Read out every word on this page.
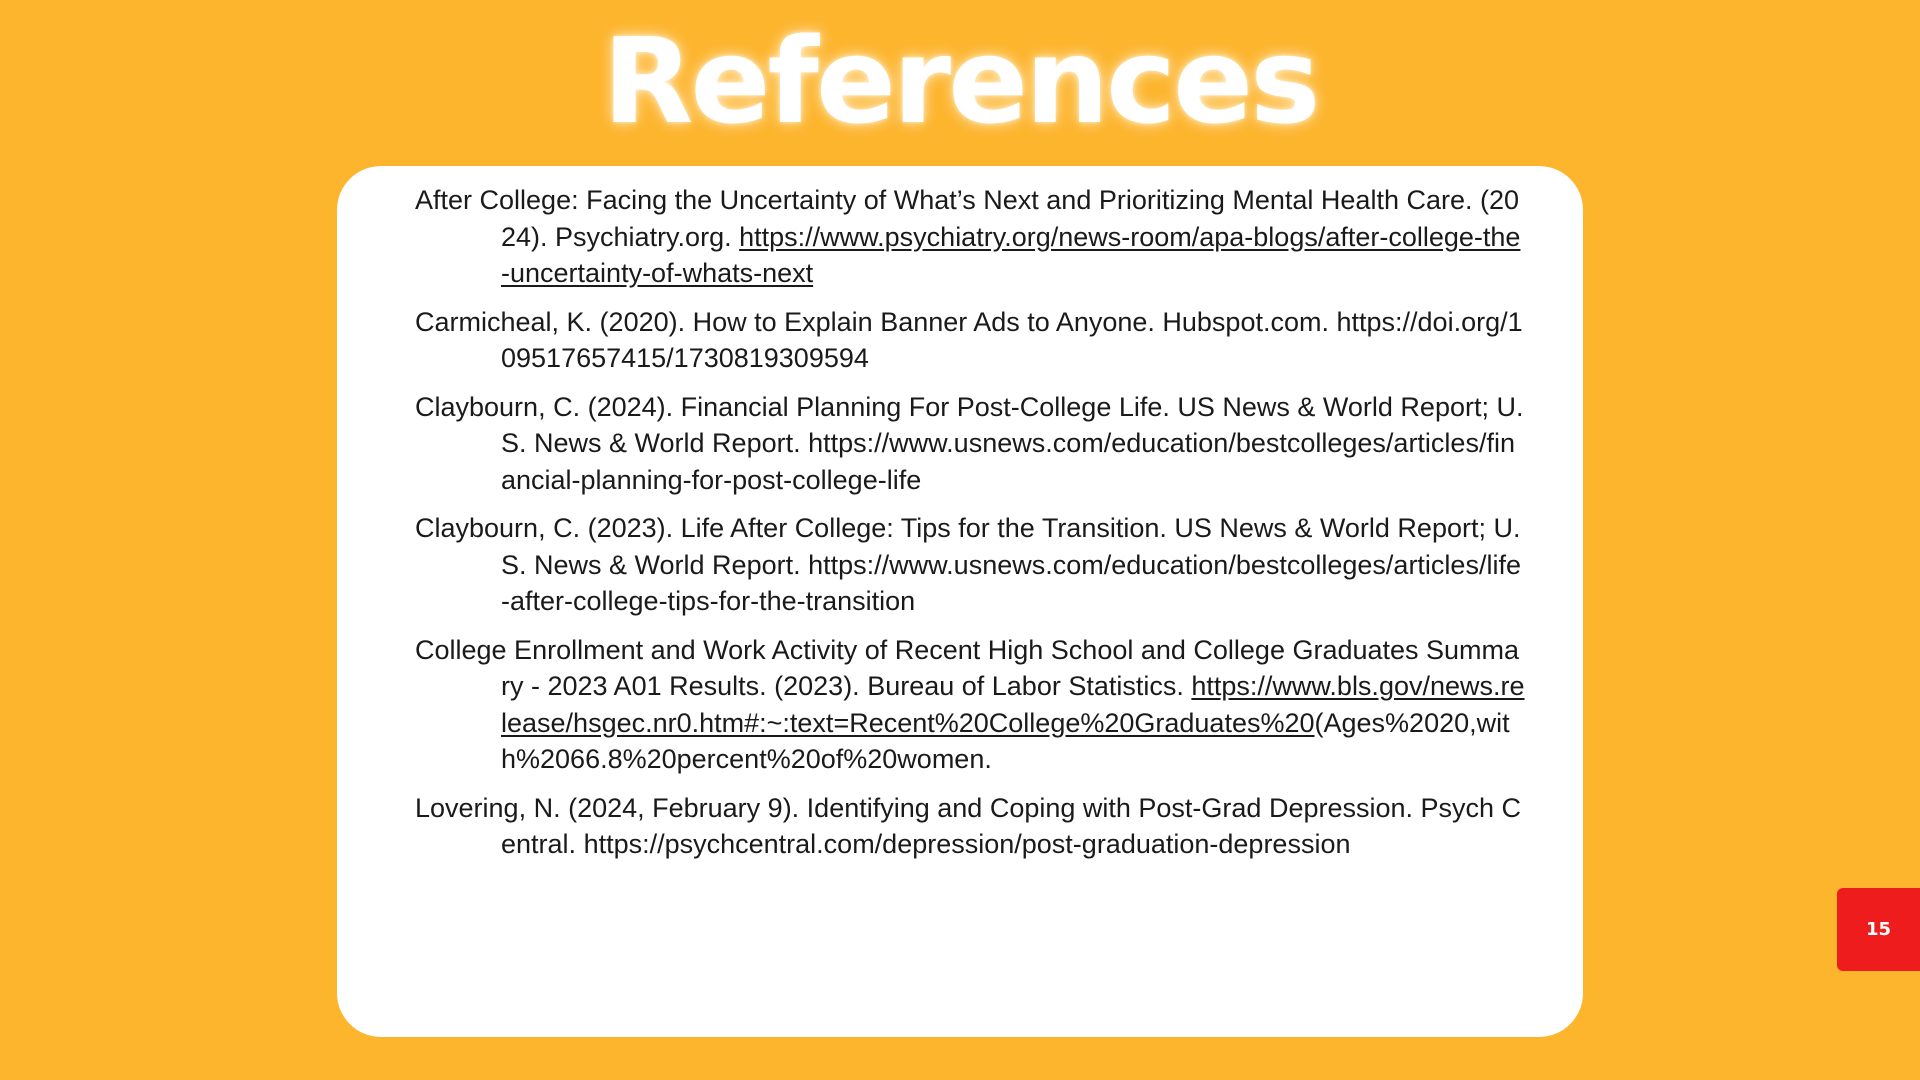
References

After College: Facing the Uncertainty of What’s Next and Prioritizing Mental Health Care. (2024). Psychiatry.org. https://www.psychiatry.org/news-room/apa-blogs/after-college-the-uncertainty-of-whats-next

Carmicheal, K. (2020). How to Explain Banner Ads to Anyone. Hubspot.com. https://doi.org/109517657415/1730819309594

Claybourn, C. (2024). Financial Planning For Post-College Life. US News & World Report; U.S. News & World Report. https://www.usnews.com/education/bestcolleges/articles/financial-planning-for-post-college-life

Claybourn, C. (2023). Life After College: Tips for the Transition. US News & World Report; U.S. News & World Report. https://www.usnews.com/education/bestcolleges/articles/life-after-college-tips-for-the-transition

College Enrollment and Work Activity of Recent High School and College Graduates Summary - 2023 A01 Results. (2023). Bureau of Labor Statistics. https://www.bls.gov/news.release/hsgec.nr0.htm#:~:text=Recent%20College%20Graduates%20(Ages%2020,with%2066.8%20percent%20of%20women.

Lovering, N. (2024, February 9). Identifying and Coping with Post-Grad Depression. Psych Central. https://psychcentral.com/depression/post-graduation-depression

15
